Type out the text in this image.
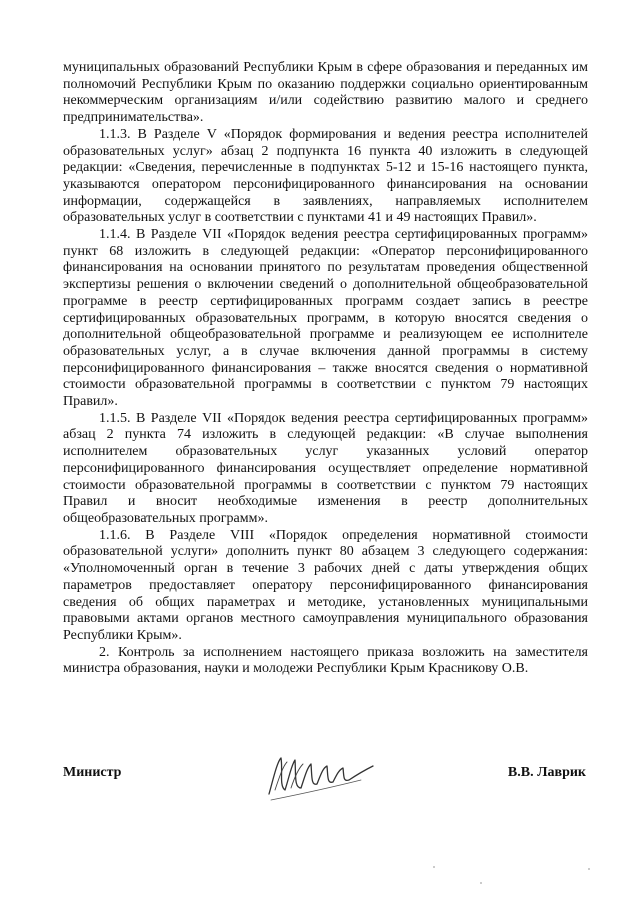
муниципальных образований Республики Крым в сфере образования и переданных им полномочий Республики Крым по оказанию поддержки социально ориентированным некоммерческим организациям и/или содействию развитию малого и среднего предпринимательства».

1.1.3. В Разделе V «Порядок формирования и ведения реестра исполнителей образовательных услуг» абзац 2 подпункта 16 пункта 40 изложить в следующей редакции: «Сведения, перечисленные в подпунктах 5-12 и 15-16 настоящего пункта, указываются оператором персонифицированного финансирования на основании информации, содержащейся в заявлениях, направляемых исполнителем образовательных услуг в соответствии с пунктами 41 и 49 настоящих Правил».

1.1.4. В Разделе VII «Порядок ведения реестра сертифицированных программ» пункт 68 изложить в следующей редакции: «Оператор персонифицированного финансирования на основании принятого по результатам проведения общественной экспертизы решения о включении сведений о дополнительной общеобразовательной программе в реестр сертифицированных программ создает запись в реестре сертифицированных образовательных программ, в которую вносятся сведения о дополнительной общеобразовательной программе и реализующем ее исполнителе образовательных услуг, а в случае включения данной программы в систему персонифицированного финансирования – также вносятся сведения о нормативной стоимости образовательной программы в соответствии с пунктом 79 настоящих Правил».

1.1.5. В Разделе VII «Порядок ведения реестра сертифицированных программ» абзац 2 пункта 74 изложить в следующей редакции: «В случае выполнения исполнителем образовательных услуг указанных условий оператор персонифицированного финансирования осуществляет определение нормативной стоимости образовательной программы в соответствии с пунктом 79 настоящих Правил и вносит необходимые изменения в реестр дополнительных общеобразовательных программ».

1.1.6. В Разделе VIII «Порядок определения нормативной стоимости образовательной услуги» дополнить пункт 80 абзацем 3 следующего содержания: «Уполномоченный орган в течение 3 рабочих дней с даты утверждения общих параметров предоставляет оператору персонифицированного финансирования сведения об общих параметрах и методике, установленных муниципальными правовыми актами органов местного самоуправления муниципального образования Республики Крым».

2. Контроль за исполнением настоящего приказа возложить на заместителя министра образования, науки и молодежи Республики Крым Красникову О.В.

Министр	В.В. Лаврик
